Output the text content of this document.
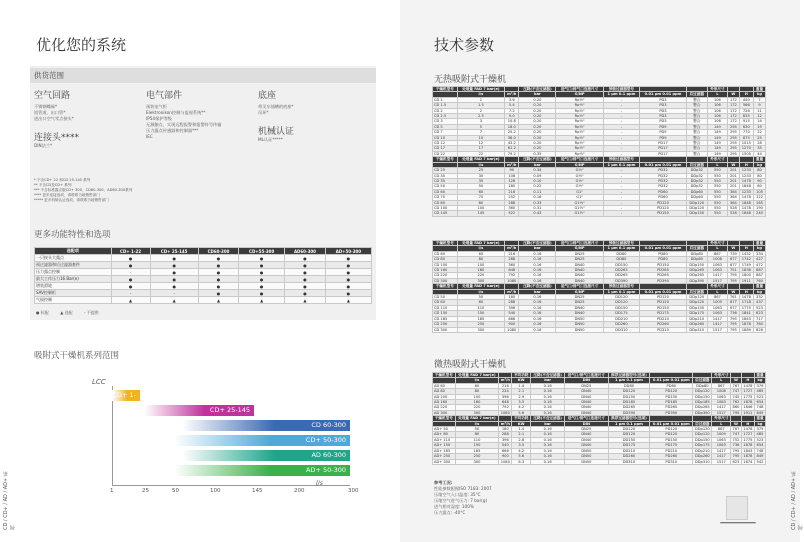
优化您的系统
供货范围
空气回路
不锈钢蝶阀*
铝管道、出口管*
进出口空气零点接头*
连接头****
DIN法兰*
电气部件
预装电气柜
Elektronikon控制与监视系统**
IP54保护等级
无源触点，实现远程报警和报警符号传输
压力露点传感器和控制器***
IEC
底座
带叉车插槽的底座*
吊环*
机械认证
ML认证*****
* 不含CD+ 22 和CD 25-145 系列
** 不含CD及CD+ 系列
*** 不含标准露点版CD+ 300、CD60-300、AD60-300系列
**** 更多连接选项，请联系当地销售部门
***** 更多机械认证选项，请联系当地销售部门
更多功能特性和选项
选配项	CD+ 1-22	CD+ 25-145	CD60-300	CD+55-300	AD60-300	AD+50-300
一只接头大露点	●	●	●	●	●	●
预过滤器和后过滤器套件	●	●	●	●	●	●
压力露点控制	-	●	●	●	●	●
最大工作压力16 Bar(e)	●	●	●	●	●	●
增装滑轮	●	●	●	●	●	●
SAV控制柜	-	-	●	●	●	●
气候控制	▲	▲	▲	▲	▲	▲
● 标配	▲ 选配	- 不提供
吸附式干燥机系列范围
LCC
l/s
CD+ 1-22	CD+ 25-145
CD 60-300
CD+ 50-300
AD 60-300
AD+ 50-300
1	25	50	100	145	200	300
CD / CD+ / AD / AD+ 系列
技术参数
无热吸附式干燥机
干燥机型号	处理量 FAD 7 bar(e)		压降(不含过滤器)	进气口/排气口连接尺寸	预装过滤器型号			外形尺寸			重量
	l/s	m³/h	bar	G/NP	1 μm 0.1 ppm	0.01 μm 0.01 ppm	后过滤器	L	W	H	kg
CD 1	1	3.6	0.20	Rp½"	-	PD3	整合	106	172	440	7
CD 1.5	1.5	5.4	0.20	Rp½"	-	PD3	整合	106	172	566	9
CD 2	2	7.2	0.20	Rp½"	-	PD3	整合	106	172	726	11
CD 2.5	2.5	9.0	0.20	Rp½"	-	PD3	整合	106	172	835	12
CD 3	3	10.8	0.20	Rp½"	-	PD3	整合	106	172	915	14
CD 5	5	18.0	0.20	Rp½"	-	PD9	整合	149	295	630	19
CD 7	7	25.2	0.20	Rp½"	-	PD9	整合	149	295	770	22
CD 10	10	36.0	0.20	Rp½"	-	PD9	整合	149	295	875	25
CD 12	12	43.2	0.20	Rp½"	-	PD17	整合	149	295	1015	28
CD 17	17	61.2	0.20	Rp½"	-	PD17	整合	149	295	1270	35
CD 22	22	79.2	0.35	Rp½"	-	PD17	整合	149	295	1505	44
干燥机型号	处理量 FAD 7 bar(e)		压降(不含过滤器)	进气口/排气口连接尺寸	预装过滤器型号			外形尺寸			重量
	l/s	m³/h	bar	G/NP	1 μm 0.1 ppm	0.01 μm 0.01 ppm	后过滤器	L	W	H	kg
CD 25	25	90	0.34	G½"	-	PD32	DDp32	550	201	1233	80
CD 30	30	108	0.09	G½"	-	PD32	DDp32	550	201	1233	80
CD 35	35	126	0.10	G½"	-	PD32	DDp32	550	201	1478	90
CD 50	50	180	0.22	G½"	-	PD32	DDp32	550	201	1848	80
CD 60	60	216	0.11	G1"	-	PD60	DDp60	550	364	1233	105
CD 70	70	252	0.16	G1"	-	PD60	DDp60	550	364	1478	122
CD 80	80	288	0.33	G1½"	-	PD120	DDp120	550	364	1848	165
CD 100	100	360	0.31	G1½"	-	PD120	DDp120	550	528	1478	190
CD 145	145	522	0.43	G1½"	-	PD150	DDp150	550	528	1848	240
干燥机型号	处理量 FAD 7 bar(e)		压降(不含过滤器)	进气口/排气口连接尺寸	预装过滤器型号			外形尺寸			重量
	l/s	m³/h	bar	G/NP	1 μm 0.1 ppm	0.01 μm 0.01 ppm	后过滤器	L	W	H	kg
CD 60	60	216	0.16	DN25	DD80	PD80	DDp80	867	739	1432	334
CD 80	80	288	0.16	DN25	DD80	PD80	DDp80	1008	677	1742	427
CD 100	100	360	0.16	DN40	DD150	PD150	DDp150	1063	677	1749	472
CD 160	160	648	0.16	DN40	DD265	PD265	DDp265	1063	751	1836	687
CD 220	220	792	0.16	DN40	DD265	PD265	DDp265	1417	795	1800	687
CD 300	300	1080	0.16	DN40	DD390	PD390	DDp390	1517	795	1911	760
干燥机型号	处理量 FAD 7 bar(e)		压降(不含过滤器)	进气口/排气口连接尺寸	预装过滤器型号			外形尺寸			重量
	l/s	m³/h	bar	G/NP	1 μm 0.1 ppm	0.01 μm 0.01 ppm	后过滤器	L	W	H	kg
CD 50	50	180	0.16	DN25	DD120	PD120	DDp120	867	761	1478	332
CD 60	60	288	0.16	DN25	DD120	PD120	DDp120	1009	677	1718	437
CD 110	110	396	0.16	DN40	DD150	PD150	DDp150	1063	677	1775	523
CD 150	150	540	0.16	DN40	DD175	PD175	DDp175	1063	736	1841	623
CD 185	185	666	0.16	DN50	DD210	PD210	DDp210	1417	795	1843	717
CD 250	250	900	0.16	DN50	DD260	PD260	DDp260	1417	795	1878	760
CD 300	300	1080	0.16	DN50	DD310	PD310	DDp310	1517	795	1889	826
微热吸附式干燥机
干燥机型号	处理量 FAD 7 bar(e)		平均功耗	压降(不含过滤器)	进气口/排气口连接尺寸	推荐过滤器型号(选项)			外形尺寸			重量
	l/s	m³/h	KW	bar	DIN	1 μm 0.1 ppm	0.01 μm 0.01 ppm	后过滤器	L	W	H	kg
AD 60	60	216	1.4	0.16	DN25	DD80	PD80	DDp80	867	767	1478	379
AD 80	80	224	2.1	0.16	DN40	DD120	PD120	DDp120	1008	747	1727	485
AD 100	100	396	2.9	0.16	DN40	DD150	PD150	DDp150	1063	745	1775	523
AD 160	160	648	3.5	0.16	DN40	DD185	PD185	DDp185	1063	762	1878	654
AD 220	220	792	4.2	0.16	DN40	DD265	PD265	DDp265	1417	860	1846	748
AD 300	300	1080	5.6	0.16	DN40	DD390	PD390	DDp390	1517	795	1911	849
干燥机型号	处理量 FAD 7 bar(e)		平均功耗	压降(不含过滤器)	进气口/排气口连接尺寸	推荐过滤器型号(选项)			外形尺寸			重量
	l/s	m³/h	KW	bar	DIN	1 μm 0.1 ppm	0.01 μm 0.01 ppm	后过滤器	L	W	H	kg
AD+ 50	50	180	1.4	0.16	DN25	DD120	PD120	DDp120	867	767	1478	379
AD+ 80	80	288	2.1	0.16	DN40	DD120	PD120	DDp120	1009	747	1727	485
AD+ 110	110	396	2.8	0.16	DN40	DD150	PD150	DDp150	1063	752	1775	523
AD+ 150	150	540	3.5	0.16	DN40	DD175	PD175	DDp175	1063	736	1878	654
AD+ 185	185	666	4.2	0.16	DN50	DD210	PD210	DDp210	1417	795	1843	748
AD+ 250	250	900	5.6	0.16	DN50	DD260	PD260	DDp260	1417	795	1878	849
AD+ 300	300	1080	6.3	0.16	DN50	DD310	PD310	DDp310	1517	823	1874	942
参考工况:
性能参数根据ISO 7183: 2007
压缩空气入口温度: 35°C
压缩空气进气压力: 7 bar(g)
进气相对湿度: 100%
压力露点: -40°C	CD / CD+ / AD / AD+ 系列
